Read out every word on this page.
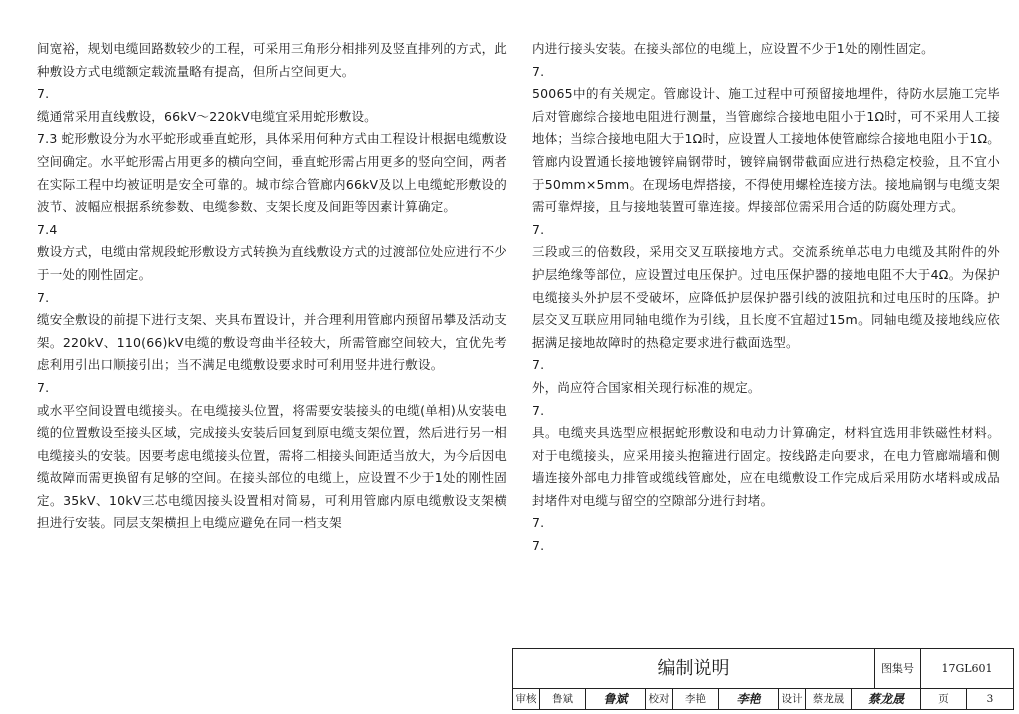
间宽裕，规划电缆回路数较少的工程，可采用三角形分相排列及竖直排列的方式，此种敷设方式电缆额定载流量略有提高，但所占空间更大。

7.

缆通常采用直线敷设，66kV～220kV电缆宜采用蛇形敷设。

7.3 蛇形敷设分为水平蛇形或垂直蛇形，具体采用何种方式由工程设计根据电缆敷设空间确定。水平蛇形需占用更多的横向空间，垂直蛇形需占用更多的竖向空间，两者在实际工程中均被证明是安全可靠的。城市综合管廊内66kV及以上电缆蛇形敷设的波节、波幅应根据系统参数、电缆参数、支架长度及间距等因素计算确定。

7.4

敷设方式，电缆由常规段蛇形敷设方式转换为直线敷设方式的过渡部位处应进行不少于一处的刚性固定。

7.

缆安全敷设的前提下进行支架、夹具布置设计，并合理利用管廊内预留吊攀及活动支架。220kV、110(66)kV电缆的敷设弯曲半径较大，所需管廊空间较大，宜优先考虑利用引出口顺接引出；当不满足电缆敷设要求时可利用竖井进行敷设。

7.

或水平空间设置电缆接头。在电缆接头位置，将需要安装接头的电缆(单相)从安装电缆的位置敷设至接头区域，完成接头安装后回复到原电缆支架位置，然后进行另一相电缆接头的安装。因要考虑电缆接头位置，需将二相接头间距适当放大，为今后因电缆故障而需更换留有足够的空间。在接头部位的电缆上，应设置不少于1处的刚性固定。35kV、10kV三芯电缆因接头设置相对简易，可利用管廊内原电缆敷设支架横担进行安装。同层支架横担上电缆应避免在同一档支架

内进行接头安装。在接头部位的电缆上，应设置不少于1处的刚性固定。

7.

50065中的有关规定。管廊设计、施工过程中可预留接地埋件，待防水层施工完毕后对管廊综合接地电阻进行测量，当管廊综合接地电阻小于1Ω时，可不采用人工接地体；当综合接地电阻大于1Ω时，应设置人工接地体使管廊综合接地电阻小于1Ω。管廊内设置通长接地镀锌扁钢带时，镀锌扁钢带截面应进行热稳定校验，且不宜小于50mm×5mm。在现场电焊搭接，不得使用螺栓连接方法。接地扁钢与电缆支架需可靠焊接，且与接地装置可靠连接。焊接部位需采用合适的防腐处理方式。

7.

三段或三的倍数段，采用交叉互联接地方式。交流系统单芯电力电缆及其附件的外护层绝缘等部位，应设置过电压保护。过电压保护器的接地电阻不大于4Ω。为保护电缆接头外护层不受破坏，应降低护层保护器引线的波阻抗和过电压时的压降。护层交叉互联应用同轴电缆作为引线，且长度不宜超过15m。同轴电缆及接地线应依据满足接地故障时的热稳定要求进行截面选型。

7.

外，尚应符合国家相关现行标准的规定。

7.

具。电缆夹具选型应根据蛇形敷设和电动力计算确定，材料宜选用非铁磁性材料。对于电缆接头，应采用接头抱箍进行固定。按线路走向要求，在电力管廊端墙和侧墙连接外部电力排管或缆线管廊处，应在电缆敷设工作完成后采用防水堵料或成品封堵件对电缆与留空的空隙部分进行封堵。

7.

7.

编制说明	图集号	17GL601
审核	鲁斌	鲁斌	校对	李艳	李艳	设计 蔡龙晟	蔡龙晟	页	3
